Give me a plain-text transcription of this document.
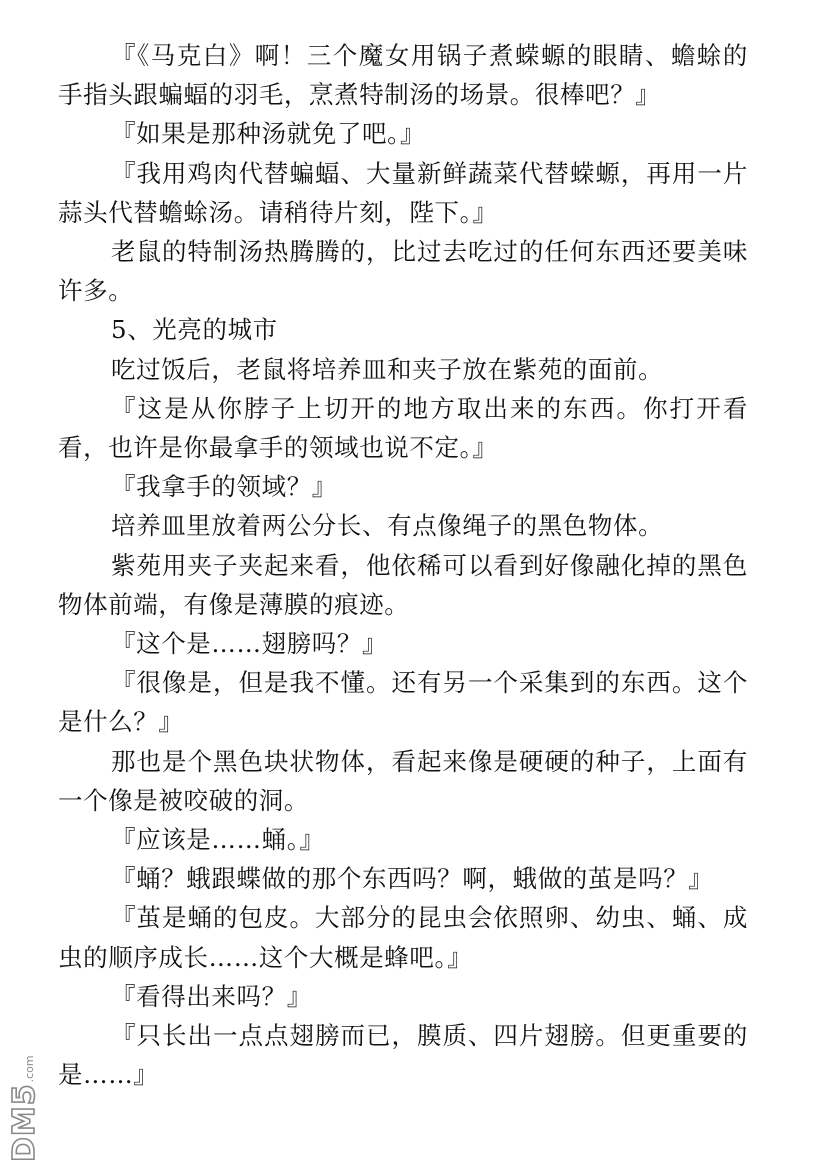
『《马克白》啊！三个魔女用锅子煮蝾螈的眼睛、蟾蜍的手指头跟蝙蝠的羽毛，烹煮特制汤的场景。很棒吧？』

『如果是那种汤就免了吧。』

『我用鸡肉代替蝙蝠、大量新鲜蔬菜代替蝾螈，再用一片蒜头代替蟾蜍汤。请稍待片刻，陛下。』

老鼠的特制汤热腾腾的，比过去吃过的任何东西还要美味许多。

5、光亮的城市

吃过饭后，老鼠将培养皿和夹子放在紫苑的面前。

『这是从你脖子上切开的地方取出来的东西。你打开看看，也许是你最拿手的领域也说不定。』

『我拿手的领域？』

培养皿里放着两公分长、有点像绳子的黑色物体。

紫苑用夹子夹起来看，他依稀可以看到好像融化掉的黑色物体前端，有像是薄膜的痕迹。

『这个是……翅膀吗？』

『很像是，但是我不懂。还有另一个采集到的东西。这个是什么？』

那也是个黑色块状物体，看起来像是硬硬的种子，上面有一个像是被咬破的洞。

『应该是……蛹。』

『蛹？蛾跟蝶做的那个东西吗？啊，蛾做的茧是吗？』

『茧是蛹的包皮。大部分的昆虫会依照卵、幼虫、蛹、成虫的顺序成长……这个大概是蜂吧。』

『看得出来吗？』

『只长出一点点翅膀而已，膜质、四片翅膀。但更重要的是……』

DM5
.com
